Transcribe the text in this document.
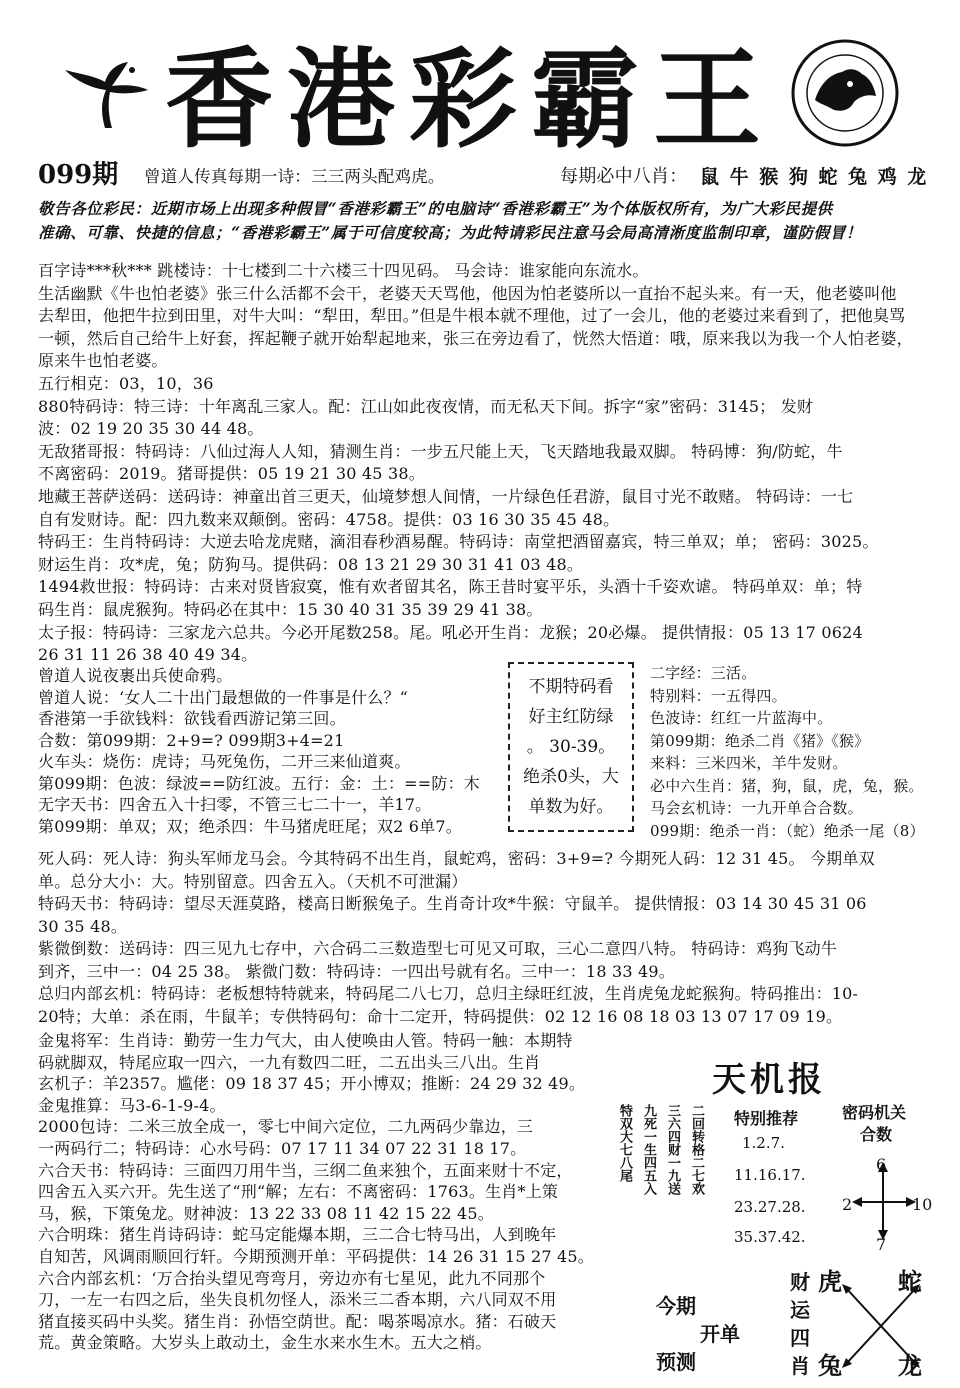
香港彩霸王
099期 曾道人传真每期一诗：三三两头配鸡虎。	每期必中八肖： 鼠 牛 猴 狗 蛇 兔 鸡 龙
敬告各位彩民：近期市场上出现多种假冒“香港彩霸王”的电脑诗“香港彩霸王”为个体版权所有，为广大彩民提供
准确、可靠、快捷的信息；“香港彩霸王”属于可信度较高；为此特请彩民注意马会局高清淅度监制印章，谨防假冒！
百字诗***秋*** 跳楼诗：十七楼到二十六楼三十四见码。 马会诗：谁家能向东流水。
生活幽默《牛也怕老婆》张三什么活都不会干，老婆天天骂他，他因为怕老婆所以一直抬不起头来。有一天，他老婆叫他
去犁田，他把牛拉到田里，对牛大叫：“犁田，犁田。”但是牛根本就不理他，过了一会儿，他的老婆过来看到了，把他臭骂
一顿，然后自己给牛上好套，挥起鞭子就开始犁起地来，张三在旁边看了，恍然大悟道：哦，原来我以为我一个人怕老婆，
原来牛也怕老婆。
五行相克：03，10，36
880特码诗：特三诗：十年离乱三家人。配：江山如此夜夜情，而无私天下间。拆字“家”密码：3145； 发财
波：02 19 20 35 30 44 48。
无敌猪哥报：特码诗：八仙过海人人知，猜测生肖：一步五尺能上天，飞天踏地我最双脚。 特码博：狗/防蛇，牛
不离密码：2019。猪哥提供：05 19 21 30 45 38。
地藏王菩萨送码：送码诗：神童出首三更天，仙境梦想人间情，一片绿色任君游，鼠目寸光不敢赌。 特码诗：一七
自有发财诗。配：四九数来双颠倒。密码：4758。提供：03 16 30 35 45 48。
特码王：生肖特码诗：大逆去哈龙虎赌，滴泪春秒酒易醒。特码诗：南堂把酒留嘉宾，特三单双；单； 密码：3025。
财运生肖：攻*虎，兔；防狗马。提供码：08 13 21 29 30 31 41 03 48。
1494救世报：特码诗：古来对贤皆寂寞，惟有欢者留其名，陈王昔时宴平乐，头酒十千姿欢谑。 特码单双：单；特
码生肖：鼠虎猴狗。特码必在其中：15 30 40 31 35 39 29 41 38。
太子报：特码诗：三家龙六总共。今必开尾数258。尾。吼必开生肖：龙猴；20必爆。 提供情报：05 13 17 0624
26 31 11 26 38 40 49 34。
曾道人说夜裹出兵使命鸦。
曾道人说：‘女人二十出门最想做的一件事是什么？“
香港第一手欲钱料：欲钱看西游记第三回。
合数：第099期：2+9=? 099期3+4=21
火车头：烧伤：虎诗；马死兔伤，二开三来仙道爽。
第099期：色波：绿波==防红波。五行：金：土：==防：木
无字天书：四舍五入十扫零，不管三七二十一，羊17。
第099期：单双；双；绝杀四：牛马猪虎旺尾；双2 6单7。
不期特码看
好主红防绿
。 30-39。
绝杀0头，大
单数为好。
二字经：三活。
特别料：一五得四。
色波诗：红红一片蓝海中。
第099期：绝杀二肖《猪》《猴》
来料：三米四米，羊牛发财。
必中六生肖：猪，狗，鼠，虎，兔，猴。
马会玄机诗：一九开单合合数。
099期：绝杀一肖：（蛇）绝杀一尾（8）
死人码：死人诗：狗头军师龙马会。今其特码不出生肖，鼠蛇鸡，密码：3+9=? 今期死人码：12 31 45。 今期单双
单。总分大小：大。特别留意。四舍五入。（天机不可泄漏）
特码天书：特码诗：望尽天涯莫路，楼高日断猴兔子。生肖奇计攻*牛猴：守鼠羊。 提供情报：03 14 30 45 31 06
30 35 48。
紫微倒数：送码诗：四三见九七存中，六合码二三数造型七可见又可取，三心二意四八特。 特码诗：鸡狗飞动牛
到齐，三中一：04 25 38。 紫微门数：特码诗：一四出号就有名。三中一：18 33 49。
总归内部玄机：特码诗：老板想特特就来，特码尾二八七刀，总归主绿旺红波，生肖虎兔龙蛇猴狗。特码推出：10-
20特；大单：杀在雨，牛鼠羊；专供特码句：命十二定开，特码提供：02 12 16 08 18 03 13 07 17 09 19。
金鬼将军：生肖诗：勤劳一生力气大，由人使唤由人管。特码一触：本期特
码就脚双，特尾应取一四六，一九有数四二旺，二五出头三八出。生肖
玄机子：羊2357。尴佬：09 18 37 45；开小博双；推断：24 29 32 49。
金鬼推算：马3-6-1-9-4。
2000包诗：二米三放全成一，零七中间六定位，二九两码少靠边，三
一两码行二；特码诗：心水号码：07 17 11 34 07 22 31 18 17。
六合天书：特码诗：三面四刀用牛当，三纲二鱼来独个，五面来财十不定，
四舍五入买六开。先生送了“刑“解；左右：不离密码：1763。生肖*上策
马，猴，下策兔龙。财神波：13 22 33 08 11 42 15 22 45。
六合明珠：猪生肖诗码诗：蛇马定能爆本期，三二合七特马出，人到晚年
自知苦，风调雨顺回行轩。今期预测开单：平码提供：14 26 31 15 27 45。
六合内部玄机：‘万合抬头望见弯弯月，旁边亦有七星见，此九不同那个
刀，一左一右四之后，坐失良机勿怪人，添米三二香本期，六八同双不用
猪直接买码中头奖。猪生肖：孙悟空荫世。配：喝茶喝凉水。猪：石破天
荒。黄金策略。大岁头上敢动土，金生水来水生木。五大之梢。
天机报
特双大七八尾 九死一生四五入 三六四财一九送 二回转格二七欢 特别推荐
1.2.7.
11.16.17.
23.27.28.
35.37.42.
密码机关
合数
6
2	10
7
今期
开单
预测
财
运
四
肖
虎 蛇
兔 龙
